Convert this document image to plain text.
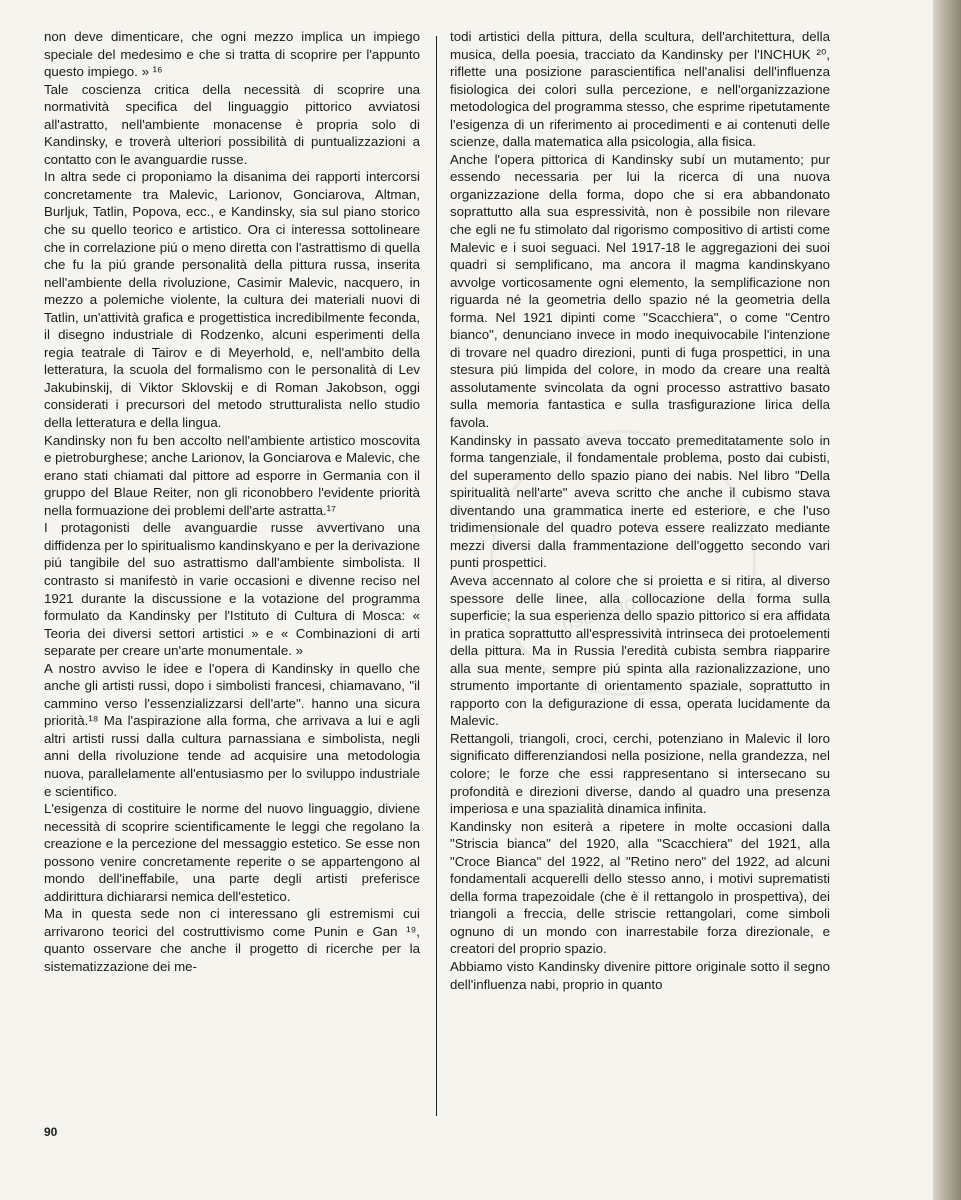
non deve dimenticare, che ogni mezzo implica un impiego speciale del medesimo e che si tratta di scoprire per l'appunto questo impiego. » ¹⁶

Tale coscienza critica della necessità di scoprire una normatività specifica del linguaggio pittorico avviatosi all'astratto, nell'ambiente monacense è propria solo di Kandinsky, e troverà ulteriori possibilità di puntualizzazioni a contatto con le avanguardie russe.

In altra sede ci proponiamo la disanima dei rapporti intercorsi concretamente tra Malevic, Larionov, Gonciarova, Altman, Burljuk, Tatlin, Popova, ecc., e Kandinsky, sia sul piano storico che su quello teorico e artistico. Ora ci interessa sottolineare che in correlazione piú o meno diretta con l'astrattismo di quella che fu la piú grande personalità della pittura russa, inserita nell'ambiente della rivoluzione, Casimir Malevic, nacquero, in mezzo a polemiche violente, la cultura dei materiali nuovi di Tatlin, un'attività grafica e progettistica incredibilmente feconda, il disegno industriale di Rodzenko, alcuni esperimenti della regia teatrale di Tairov e di Meyerhold, e, nell'ambito della letteratura, la scuola del formalismo con le personalità di Lev Jakubinskij, di Viktor Sklovskij e di Roman Jakobson, oggi considerati i precursori del metodo strutturalista nello studio della letteratura e della lingua.

Kandinsky non fu ben accolto nell'ambiente artistico moscovita e pietroburghese; anche Larionov, la Gonciarova e Malevic, che erano stati chiamati dal pittore ad esporre in Germania con il gruppo del Blaue Reiter, non gli riconobbero l'evidente priorità nella formuazione dei problemi dell'arte astratta.¹⁷

I protagonisti delle avanguardie russe avvertivano una diffidenza per lo spiritualismo kandinskyano e per la derivazione piú tangibile del suo astrattismo dall'ambiente simbolista. Il contrasto si manifestò in varie occasioni e divenne reciso nel 1921 durante la discussione e la votazione del programma formulato da Kandinsky per l'Istituto di Cultura di Mosca: « Teoria dei diversi settori artistici » e « Combinazioni di arti separate per creare un'arte monumentale. »

A nostro avviso le idee e l'opera di Kandinsky in quello che anche gli artisti russi, dopo i simbolisti francesi, chiamavano, "il cammino verso l'essenzializzarsi dell'arte". hanno una sicura priorità.¹⁸ Ma l'aspirazione alla forma, che arrivava a lui e agli altri artisti russi dalla cultura parnassiana e simbolista, negli anni della rivoluzione tende ad acquisire una metodologia nuova, parallelamente all'entusiasmo per lo sviluppo industriale e scientifico.

L'esigenza di costituire le norme del nuovo linguaggio, diviene necessità di scoprire scientificamente le leggi che regolano la creazione e la percezione del messaggio estetico. Se esse non possono venire concretamente reperite o se appartengono al mondo dell'ineffabile, una parte degli artisti preferisce addirittura dichiararsi nemica dell'estetico.

Ma in questa sede non ci interessano gli estremismi cui arrivarono teorici del costruttivismo come Punin e Gan ¹⁹, quanto osservare che anche il progetto di ricerche per la sistematizzazione dei me-

todi artistici della pittura, della scultura, dell'architettura, della musica, della poesia, tracciato da Kandinsky per l'INCHUK ²⁰, riflette una posizione parascientifica nell'analisi dell'influenza fisiologica dei colori sulla percezione, e nell'organizzazione metodologica del programma stesso, che esprime ripetutamente l'esigenza di un riferimento ai procedimenti e ai contenuti delle scienze, dalla matematica alla psicologia, alla fisica.

Anche l'opera pittorica di Kandinsky subí un mutamento; pur essendo necessaria per lui la ricerca di una nuova organizzazione della forma, dopo che si era abbandonato soprattutto alla sua espressività, non è possibile non rilevare che egli ne fu stimolato dal rigorismo compositivo di artisti come Malevic e i suoi seguaci. Nel 1917-18 le aggregazioni dei suoi quadri si semplificano, ma ancora il magma kandinskyano avvolge vorticosamente ogni elemento, la semplificazione non riguarda né la geometria dello spazio né la geometria della forma. Nel 1921 dipinti come "Scacchiera", o come "Centro bianco", denunciano invece in modo inequivocabile l'intenzione di trovare nel quadro direzioni, punti di fuga prospettici, in una stesura piú limpida del colore, in modo da creare una realtà assolutamente svincolata da ogni processo astrattivo basato sulla memoria fantastica e sulla trasfigurazione lirica della favola.

Kandinsky in passato aveva toccato premeditatamente solo in forma tangenziale, il fondamentale problema, posto dai cubisti, del superamento dello spazio piano dei nabis. Nel libro "Della spiritualità nell'arte" aveva scritto che anche il cubismo stava diventando una grammatica inerte ed esteriore, e che l'uso tridimensionale del quadro poteva essere realizzato mediante mezzi diversi dalla frammentazione dell'oggetto secondo vari punti prospettici.

Aveva accennato al colore che si proietta e si ritira, al diverso spessore delle linee, alla collocazione della forma sulla superficie; la sua esperienza dello spazio pittorico si era affidata in pratica soprattutto all'espressività intrinseca dei protoelementi della pittura. Ma in Russia l'eredità cubista sembra riapparire alla sua mente, sempre piú spinta alla razionalizzazione, uno strumento importante di orientamento spaziale, soprattutto in rapporto con la defigurazione di essa, operata lucidamente da Malevic.

Rettangoli, triangoli, croci, cerchi, potenziano in Malevic il loro significato differenziandosi nella posizione, nella grandezza, nel colore; le forze che essi rappresentano si intersecano su profondità e direzioni diverse, dando al quadro una presenza imperiosa e una spazialità dinamica infinita.

Kandinsky non esiterà a ripetere in molte occasioni dalla "Striscia bianca" del 1920, alla "Scacchiera" del 1921, alla "Croce Bianca" del 1922, al "Retino nero" del 1922, ad alcuni fondamentali acquerelli dello stesso anno, i motivi suprematisti della forma trapezoidale (che è il rettangolo in prospettiva), dei triangoli a freccia, delle striscie rettangolari, come simboli ognuno di un mondo con inarrestabile forza direzionale, e creatori del proprio spazio.

Abbiamo visto Kandinsky divenire pittore originale sotto il segno dell'influenza nabi, proprio in quanto

riservato ©
90
